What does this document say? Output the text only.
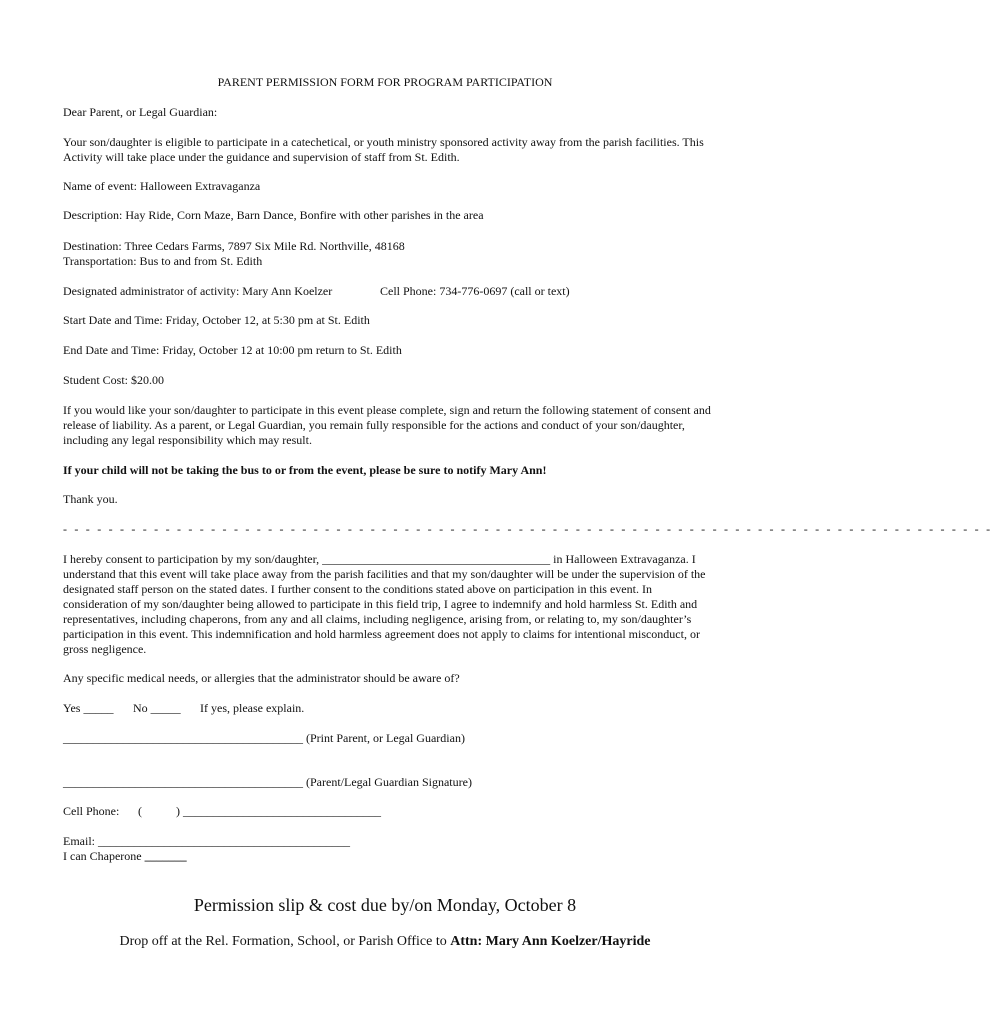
PARENT PERMISSION FORM FOR PROGRAM PARTICIPATION
Dear Parent, or Legal Guardian:
Your son/daughter is eligible to participate in a catechetical, or youth ministry sponsored activity away from the parish facilities. This Activity will take place under the guidance and supervision of staff from St. Edith.
Name of event: Halloween Extravaganza
Description: Hay Ride, Corn Maze, Barn Dance, Bonfire with other parishes in the area
Destination: Three Cedars Farms, 7897 Six Mile Rd. Northville, 48168
Transportation: Bus to and from St. Edith
Designated administrator of activity: Mary Ann Koelzer	Cell Phone: 734-776-0697 (call or text)
Start Date and Time: Friday, October 12, at 5:30 pm at St. Edith
End Date and Time: Friday, October 12 at 10:00 pm return to St. Edith
Student Cost: $20.00
If you would like your son/daughter to participate in this event please complete, sign and return the following statement of consent and release of liability. As a parent, or Legal Guardian, you remain fully responsible for the actions and conduct of your son/daughter, including any legal responsibility which may result.
If your child will not be taking the bus to or from the event, please be sure to notify Mary Ann!
Thank you.
- - - - - - - - - - - - - - - - - - - - - - - - - - - - - - - - - - - - - - - - - - - - - - - - - - - - - - - - - - - - - - - - - - - - - - - - - - - - - - - - - -
I hereby consent to participation by my son/daughter, ______________________________________ in Halloween Extravaganza. I understand that this event will take place away from the parish facilities and that my son/daughter will be under the supervision of the designated staff person on the stated dates. I further consent to the conditions stated above on participation in this event. In consideration of my son/daughter being allowed to participate in this field trip, I agree to indemnify and hold harmless St. Edith and representatives, including chaperons, from any and all claims, including negligence, arising from, or relating to, my son/daughter’s participation in this event. This indemnification and hold harmless agreement does not apply to claims for intentional misconduct, or gross negligence.
Any specific medical needs, or allergies that the administrator should be aware of?
Yes _____ No _____ If yes, please explain.
________________________________________ (Print Parent, or Legal Guardian)
________________________________________ (Parent/Legal Guardian Signature)
Cell Phone: (	) _________________________________
Email: __________________________________________
I can Chaperone _______
Permission slip & cost due by/on Monday, October 8
Drop off at the Rel. Formation, School, or Parish Office to Attn: Mary Ann Koelzer/Hayride
